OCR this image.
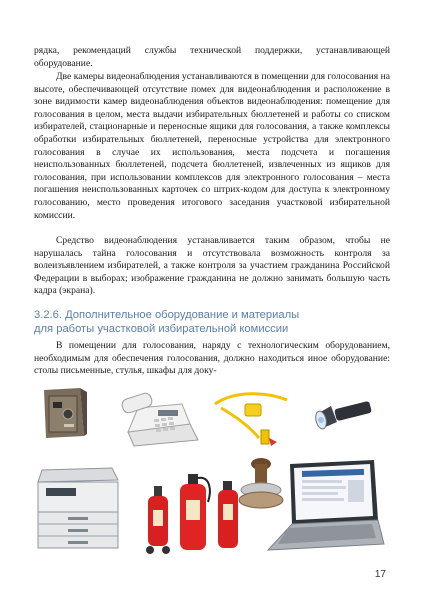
рядка, рекомендаций службы технической поддержки, устанавливающей оборудование.

Две камеры видеонаблюдения устанавливаются в помещении для голосования на высоте, обеспечивающей отсутствие помех для видеонаблюдения и расположение в зоне видимости камер видеонаблюдения объектов видеонаблюдения: помещение для голосования в целом, места выдачи избирательных бюллетеней и работы со списком избирателей, стационарные и переносные ящики для голосования, а также комплексы обработки избирательных бюллетеней, переносные устройства для электронного голосования в случае их использования, места подсчета и погашения неиспользованных бюллетеней, подсчета бюллетеней, извлеченных из ящиков для голосования, при использовании комплексов для электронного голосования – места погашения неиспользованных карточек со штрих-кодом для доступа к электронному голосованию, место проведения итогового заседания участковой избирательной комиссии.

Средство видеонаблюдения устанавливается таким образом, чтобы не нарушалась тайна голосования и отсутствовала возможность контроля за волеизъявлением избирателей, а также контроля за участием гражданина Российской Федерации в выборах; изображение гражданина не должно занимать большую часть кадра (экрана).

3.2.6. Дополнительное оборудование и материалы
для работы участковой избирательной комиссии

В помещении для голосования, наряду с технологическим оборудованием, необходимым для обеспечения голосования, должно находиться иное оборудование: столы письменные, стулья, шкафы для доку-

17
